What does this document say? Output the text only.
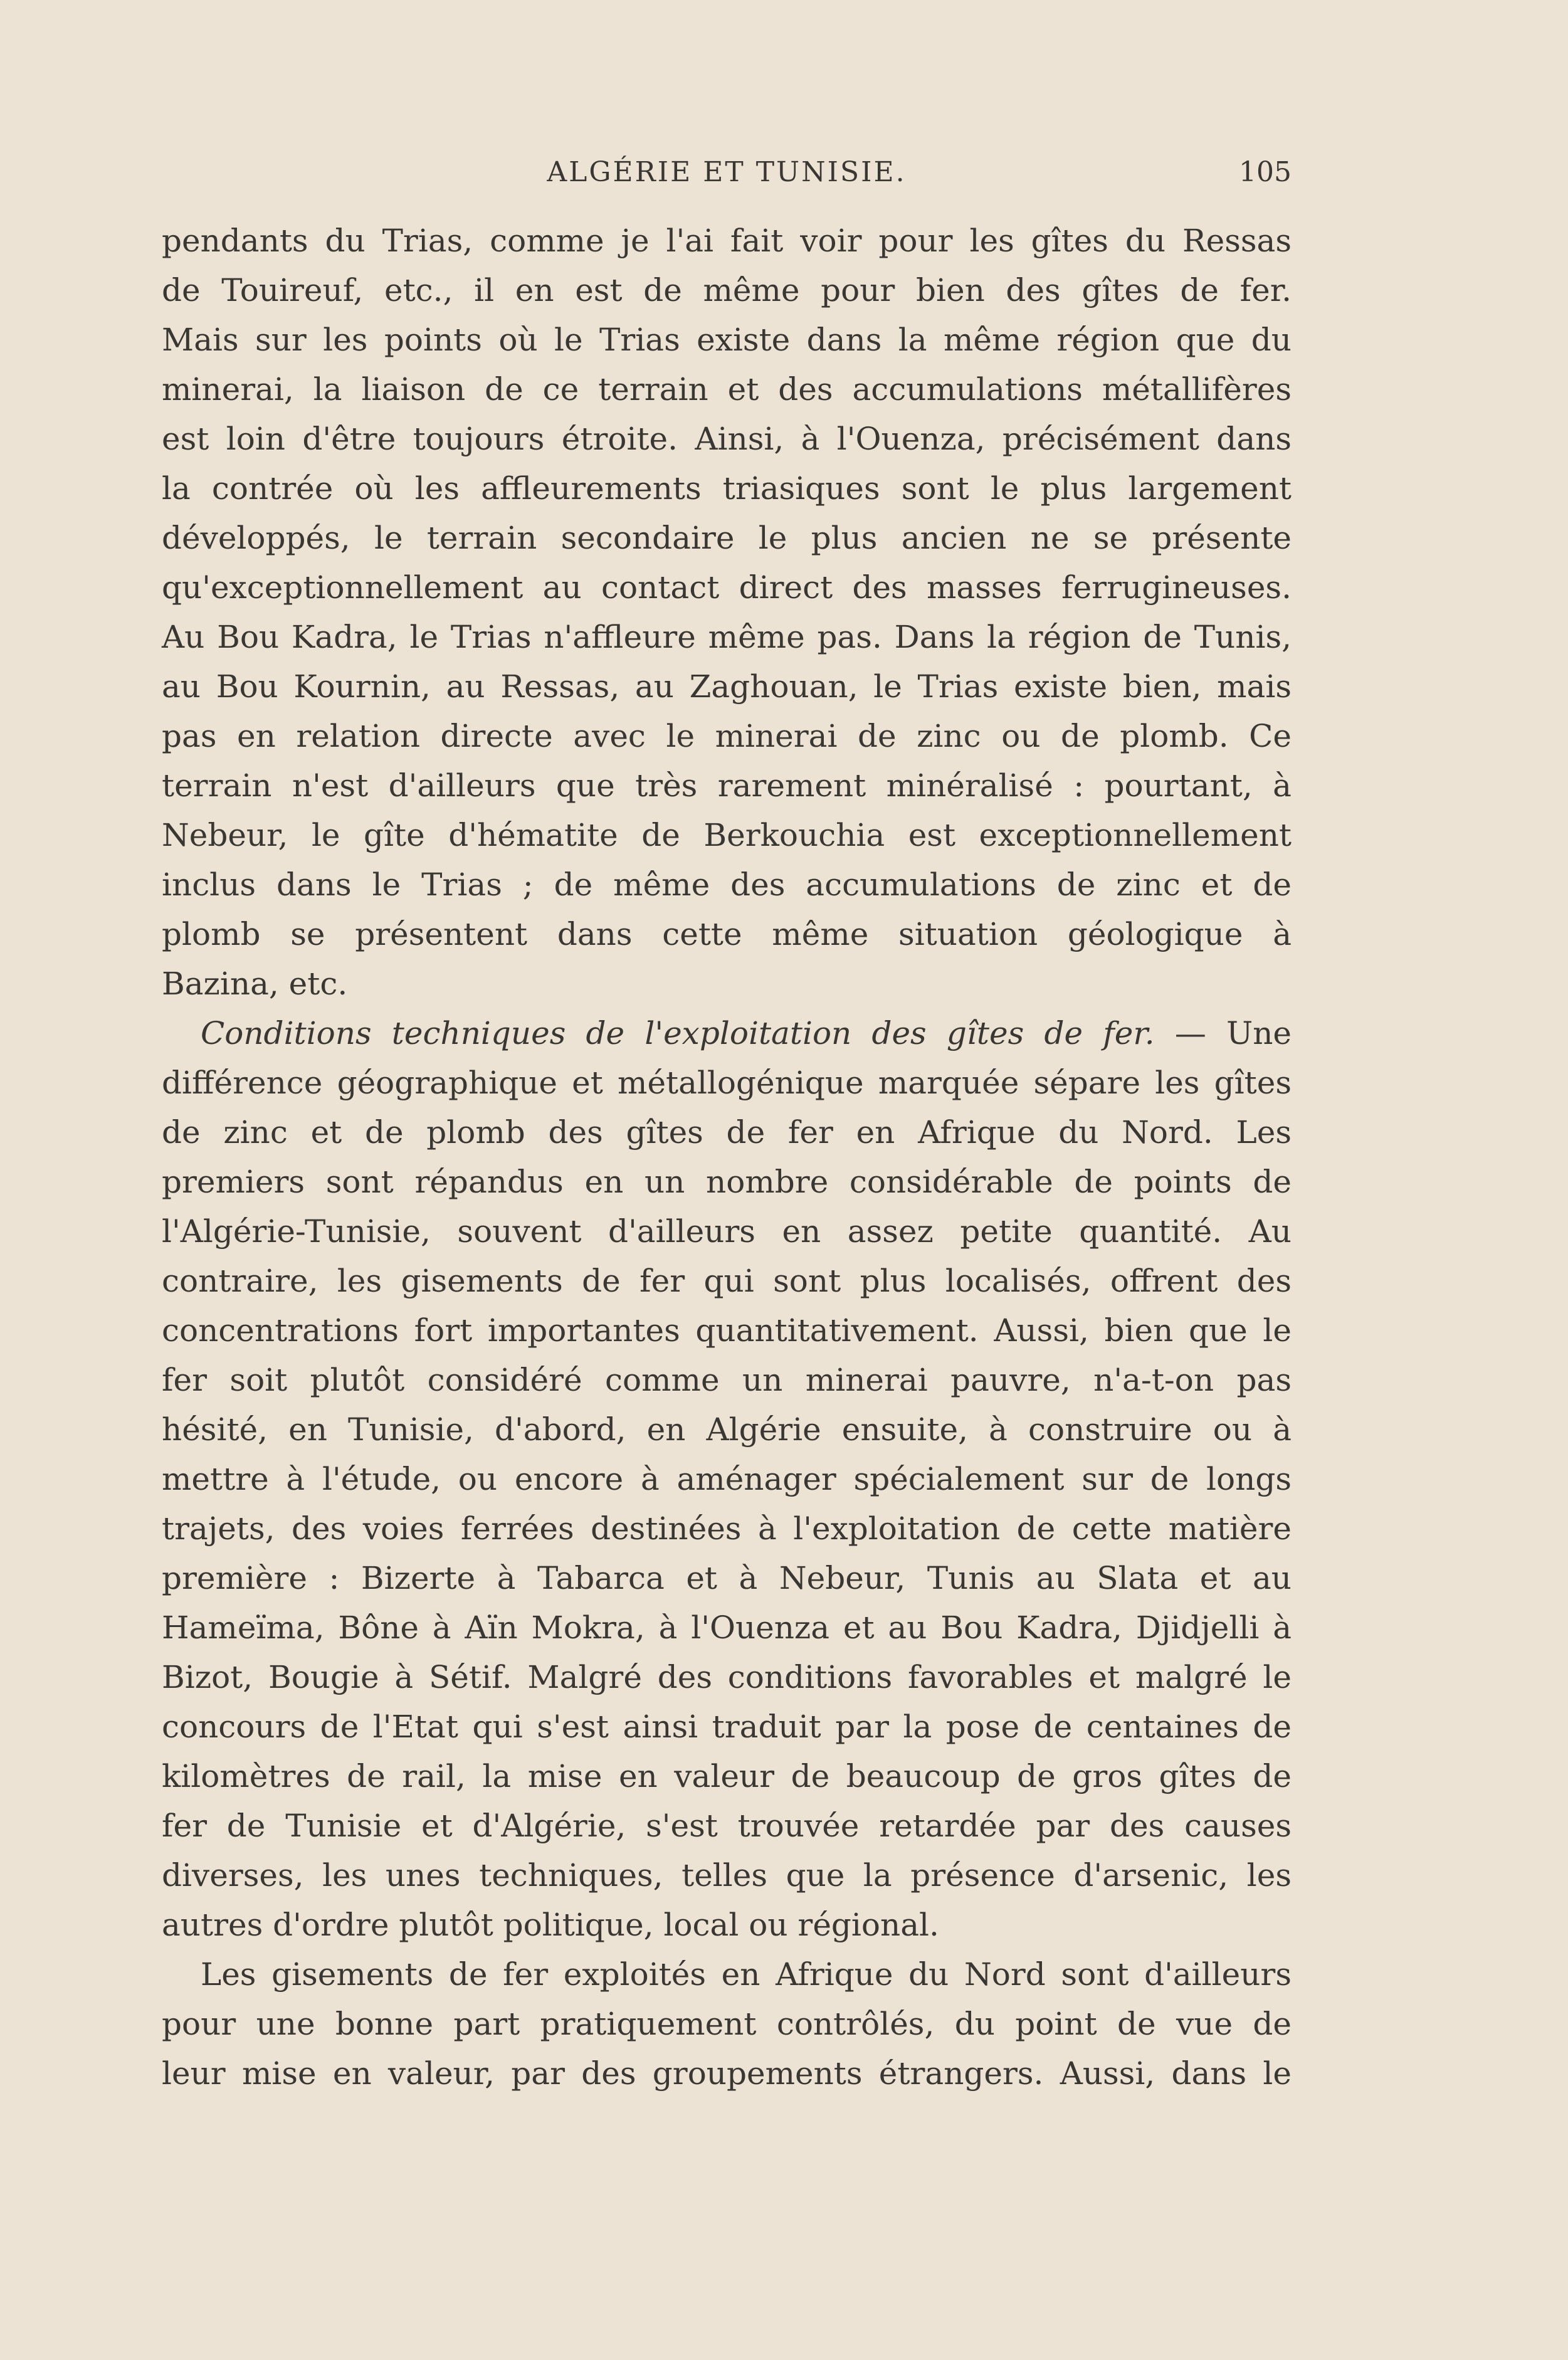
ALGÉRIE ET TUNISIE.	105
pendants du Trias, comme je l'ai fait voir pour les gîtes du Ressas
de Touireuf, etc., il en est de même pour bien des gîtes de fer.
Mais sur les points où le Trias existe dans la même région que du
minerai, la liaison de ce terrain et des accumulations métallifères
est loin d'être toujours étroite. Ainsi, à l'Ouenza, précisément dans
la contrée où les affleurements triasiques sont le plus largement
développés, le terrain secondaire le plus ancien ne se présente
qu'exceptionnellement au contact direct des masses ferrugineuses.
Au Bou Kadra, le Trias n'affleure même pas. Dans la région de Tunis,
au Bou Kournin, au Ressas, au Zaghouan, le Trias existe bien, mais
pas en relation directe avec le minerai de zinc ou de plomb. Ce
terrain n'est d'ailleurs que très rarement minéralisé : pourtant, à
Nebeur, le gîte d'hématite de Berkouchia est exceptionnellement
inclus dans le Trias ; de même des accumulations de zinc et de
plomb se présentent dans cette même situation géologique à
Bazina, etc.
Conditions techniques de l'exploitation des gîtes de fer. — Une
différence géographique et métallogénique marquée sépare les gîtes
de zinc et de plomb des gîtes de fer en Afrique du Nord. Les
premiers sont répandus en un nombre considérable de points de
l'Algérie-Tunisie, souvent d'ailleurs en assez petite quantité. Au
contraire, les gisements de fer qui sont plus localisés, offrent des
concentrations fort importantes quantitativement. Aussi, bien que le
fer soit plutôt considéré comme un minerai pauvre, n'a-t-on pas
hésité, en Tunisie, d'abord, en Algérie ensuite, à construire ou à
mettre à l'étude, ou encore à aménager spécialement sur de longs
trajets, des voies ferrées destinées à l'exploitation de cette matière
première : Bizerte à Tabarca et à Nebeur, Tunis au Slata et au
Hameïma, Bône à Aïn Mokra, à l'Ouenza et au Bou Kadra, Djidjelli à
Bizot, Bougie à Sétif. Malgré des conditions favorables et malgré le
concours de l'Etat qui s'est ainsi traduit par la pose de centaines de
kilomètres de rail, la mise en valeur de beaucoup de gros gîtes de
fer de Tunisie et d'Algérie, s'est trouvée retardée par des causes
diverses, les unes techniques, telles que la présence d'arsenic, les
autres d'ordre plutôt politique, local ou régional.
Les gisements de fer exploités en Afrique du Nord sont d'ailleurs
pour une bonne part pratiquement contrôlés, du point de vue de
leur mise en valeur, par des groupements étrangers. Aussi, dans le
